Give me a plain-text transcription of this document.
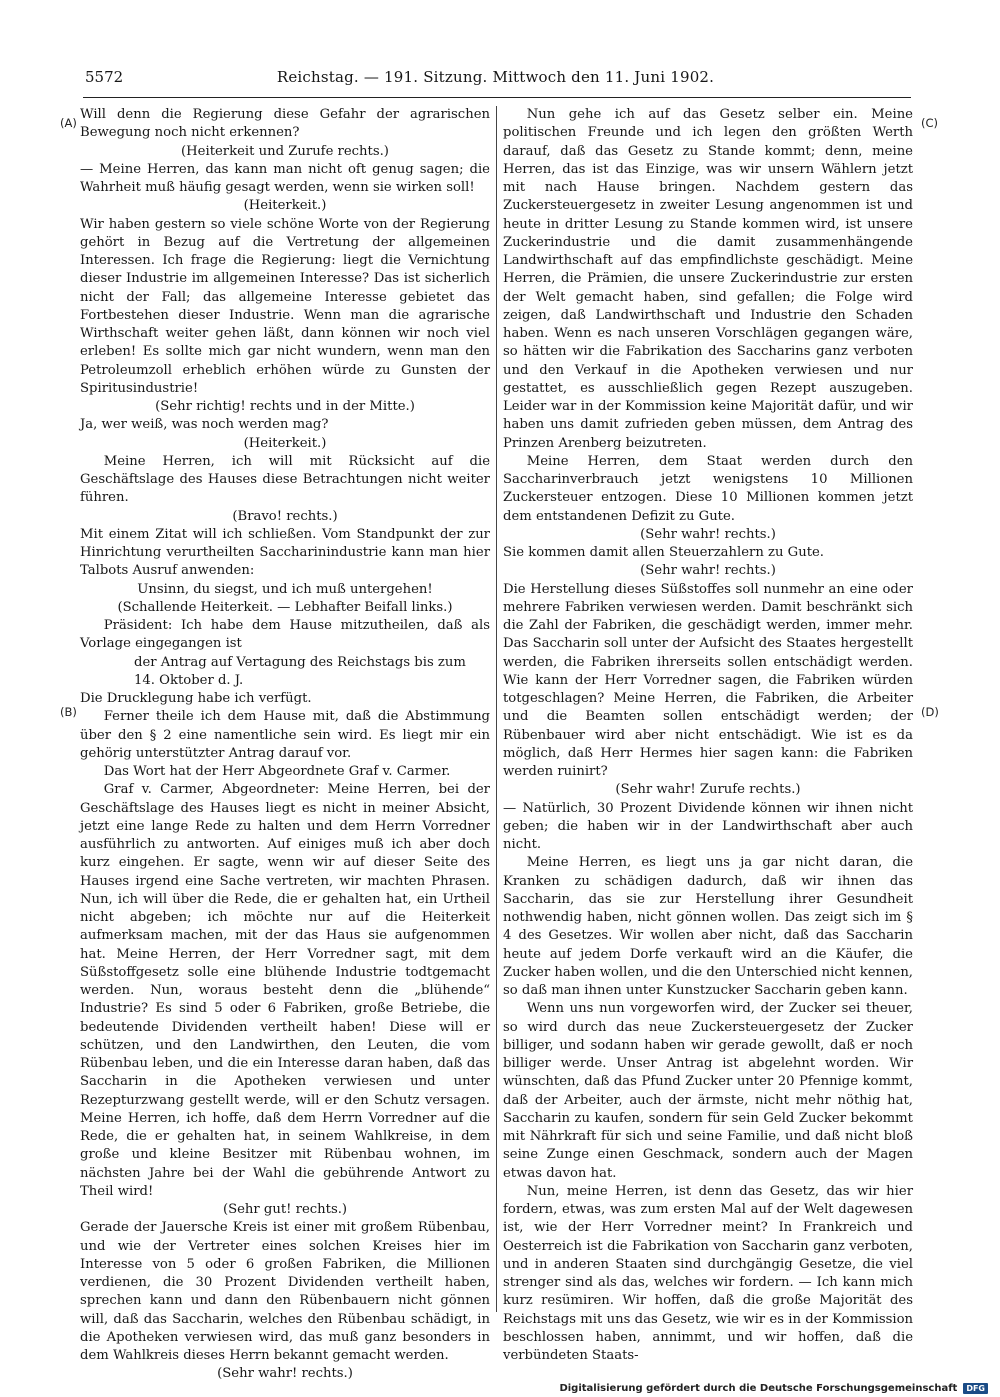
5572	Reichstag. — 191. Sitzung. Mittwoch den 11. Juni 1902.
(A)
(B)
(C)
(D)

Will denn die Regierung diese Gefahr der agrarischen Bewegung noch nicht erkennen?

(Heiterkeit und Zurufe rechts.)

— Meine Herren, das kann man nicht oft genug sagen; die Wahrheit muß häufig gesagt werden, wenn sie wirken soll!

(Heiterkeit.)

Wir haben gestern so viele schöne Worte von der Regierung gehört in Bezug auf die Vertretung der allgemeinen Interessen. Ich frage die Regierung: liegt die Vernichtung dieser Industrie im allgemeinen Interesse? Das ist sicherlich nicht der Fall; das allgemeine Interesse gebietet das Fortbestehen dieser Industrie. Wenn man die agrarische Wirthschaft weiter gehen läßt, dann können wir noch viel erleben! Es sollte mich gar nicht wundern, wenn man den Petroleumzoll erheblich erhöhen würde zu Gunsten der Spiritusindustrie!

(Sehr richtig! rechts und in der Mitte.)

Ja, wer weiß, was noch werden mag?

(Heiterkeit.)

Meine Herren, ich will mit Rücksicht auf die Geschäftslage des Hauses diese Betrachtungen nicht weiter führen.

(Bravo! rechts.)

Mit einem Zitat will ich schließen. Vom Standpunkt der zur Hinrichtung verurtheilten Saccharinindustrie kann man hier Talbots Ausruf anwenden:

Unsinn, du siegst, und ich muß untergehen!

(Schallende Heiterkeit. — Lebhafter Beifall links.)

Präsident: Ich habe dem Hause mitzutheilen, daß als Vorlage eingegangen ist

der Antrag auf Vertagung des Reichstags bis zum 14. Oktober d. J.

Die Drucklegung habe ich verfügt.

Ferner theile ich dem Hause mit, daß die Abstimmung über den § 2 eine namentliche sein wird. Es liegt mir ein gehörig unterstützter Antrag darauf vor.

Das Wort hat der Herr Abgeordnete Graf v. Carmer.

Graf v. Carmer, Abgeordneter: Meine Herren, bei der Geschäftslage des Hauses liegt es nicht in meiner Absicht, jetzt eine lange Rede zu halten und dem Herrn Vorredner ausführlich zu antworten. Auf einiges muß ich aber doch kurz eingehen. Er sagte, wenn wir auf dieser Seite des Hauses irgend eine Sache vertreten, wir machten Phrasen. Nun, ich will über die Rede, die er gehalten hat, ein Urtheil nicht abgeben; ich möchte nur auf die Heiterkeit aufmerksam machen, mit der das Haus sie aufgenommen hat. Meine Herren, der Herr Vorredner sagt, mit dem Süßstoffgesetz solle eine blühende Industrie todtgemacht werden. Nun, woraus besteht denn die „blühende“ Industrie? Es sind 5 oder 6 Fabriken, große Betriebe, die bedeutende Dividenden vertheilt haben! Diese will er schützen, und den Landwirthen, den Leuten, die vom Rübenbau leben, und die ein Interesse daran haben, daß das Saccharin in die Apotheken verwiesen und unter Rezepturzwang gestellt werde, will er den Schutz versagen. Meine Herren, ich hoffe, daß dem Herrn Vorredner auf die Rede, die er gehalten hat, in seinem Wahlkreise, in dem große und kleine Besitzer mit Rübenbau wohnen, im nächsten Jahre bei der Wahl die gebührende Antwort zu Theil wird!

(Sehr gut! rechts.)

Gerade der Jauersche Kreis ist einer mit großem Rübenbau, und wie der Vertreter eines solchen Kreises hier im Interesse von 5 oder 6 großen Fabriken, die Millionen verdienen, die 30 Prozent Dividenden vertheilt haben, sprechen kann und dann den Rübenbauern nicht gönnen will, daß das Saccharin, welches den Rübenbau schädigt, in die Apotheken verwiesen wird, das muß ganz besonders in dem Wahlkreis dieses Herrn bekannt gemacht werden.

(Sehr wahr! rechts.)

Nun gehe ich auf das Gesetz selber ein. Meine politischen Freunde und ich legen den größten Werth darauf, daß das Gesetz zu Stande kommt; denn, meine Herren, das ist das Einzige, was wir unsern Wählern jetzt mit nach Hause bringen. Nachdem gestern das Zuckersteuergesetz in zweiter Lesung angenommen ist und heute in dritter Lesung zu Stande kommen wird, ist unsere Zuckerindustrie und die damit zusammenhängende Landwirthschaft auf das empfindlichste geschädigt. Meine Herren, die Prämien, die unsere Zuckerindustrie zur ersten der Welt gemacht haben, sind gefallen; die Folge wird zeigen, daß Landwirthschaft und Industrie den Schaden haben. Wenn es nach unseren Vorschlägen gegangen wäre, so hätten wir die Fabrikation des Saccharins ganz verboten und den Verkauf in die Apotheken verwiesen und nur gestattet, es ausschließlich gegen Rezept auszugeben. Leider war in der Kommission keine Majorität dafür, und wir haben uns damit zufrieden geben müssen, dem Antrag des Prinzen Arenberg beizutreten.

Meine Herren, dem Staat werden durch den Saccharinverbrauch jetzt wenigstens 10 Millionen Zuckersteuer entzogen. Diese 10 Millionen kommen jetzt dem entstandenen Defizit zu Gute.

(Sehr wahr! rechts.)

Sie kommen damit allen Steuerzahlern zu Gute.

(Sehr wahr! rechts.)

Die Herstellung dieses Süßstoffes soll nunmehr an eine oder mehrere Fabriken verwiesen werden. Damit beschränkt sich die Zahl der Fabriken, die geschädigt werden, immer mehr. Das Saccharin soll unter der Aufsicht des Staates hergestellt werden, die Fabriken ihrerseits sollen entschädigt werden. Wie kann der Herr Vorredner sagen, die Fabriken würden totgeschlagen? Meine Herren, die Fabriken, die Arbeiter und die Beamten sollen entschädigt werden; der Rübenbauer wird aber nicht entschädigt. Wie ist es da möglich, daß Herr Hermes hier sagen kann: die Fabriken werden ruinirt?

(Sehr wahr! Zurufe rechts.)

— Natürlich, 30 Prozent Dividende können wir ihnen nicht geben; die haben wir in der Landwirthschaft aber auch nicht.

Meine Herren, es liegt uns ja gar nicht daran, die Kranken zu schädigen dadurch, daß wir ihnen das Saccharin, das sie zur Herstellung ihrer Gesundheit nothwendig haben, nicht gönnen wollen. Das zeigt sich im § 4 des Gesetzes. Wir wollen aber nicht, daß das Saccharin heute auf jedem Dorfe verkauft wird an die Käufer, die Zucker haben wollen, und die den Unterschied nicht kennen, so daß man ihnen unter Kunstzucker Saccharin geben kann.

Wenn uns nun vorgeworfen wird, der Zucker sei theuer, so wird durch das neue Zuckersteuergesetz der Zucker billiger, und sodann haben wir gerade gewollt, daß er noch billiger werde. Unser Antrag ist abgelehnt worden. Wir wünschten, daß das Pfund Zucker unter 20 Pfennige kommt, daß der Arbeiter, auch der ärmste, nicht mehr nöthig hat, Saccharin zu kaufen, sondern für sein Geld Zucker bekommt mit Nährkraft für sich und seine Familie, und daß nicht bloß seine Zunge einen Geschmack, sondern auch der Magen etwas davon hat.

Nun, meine Herren, ist denn das Gesetz, das wir hier fordern, etwas, was zum ersten Mal auf der Welt dagewesen ist, wie der Herr Vorredner meint? In Frankreich und Oesterreich ist die Fabrikation von Saccharin ganz verboten, und in anderen Staaten sind durchgängig Gesetze, die viel strenger sind als das, welches wir fordern. — Ich kann mich kurz resümiren. Wir hoffen, daß die große Majorität des Reichstags mit uns das Gesetz, wie wir es in der Kommission beschlossen haben, annimmt, und wir hoffen, daß die verbündeten Staats-

Digitalisierung gefördert durch die Deutsche Forschungsgemeinschaft DFG
